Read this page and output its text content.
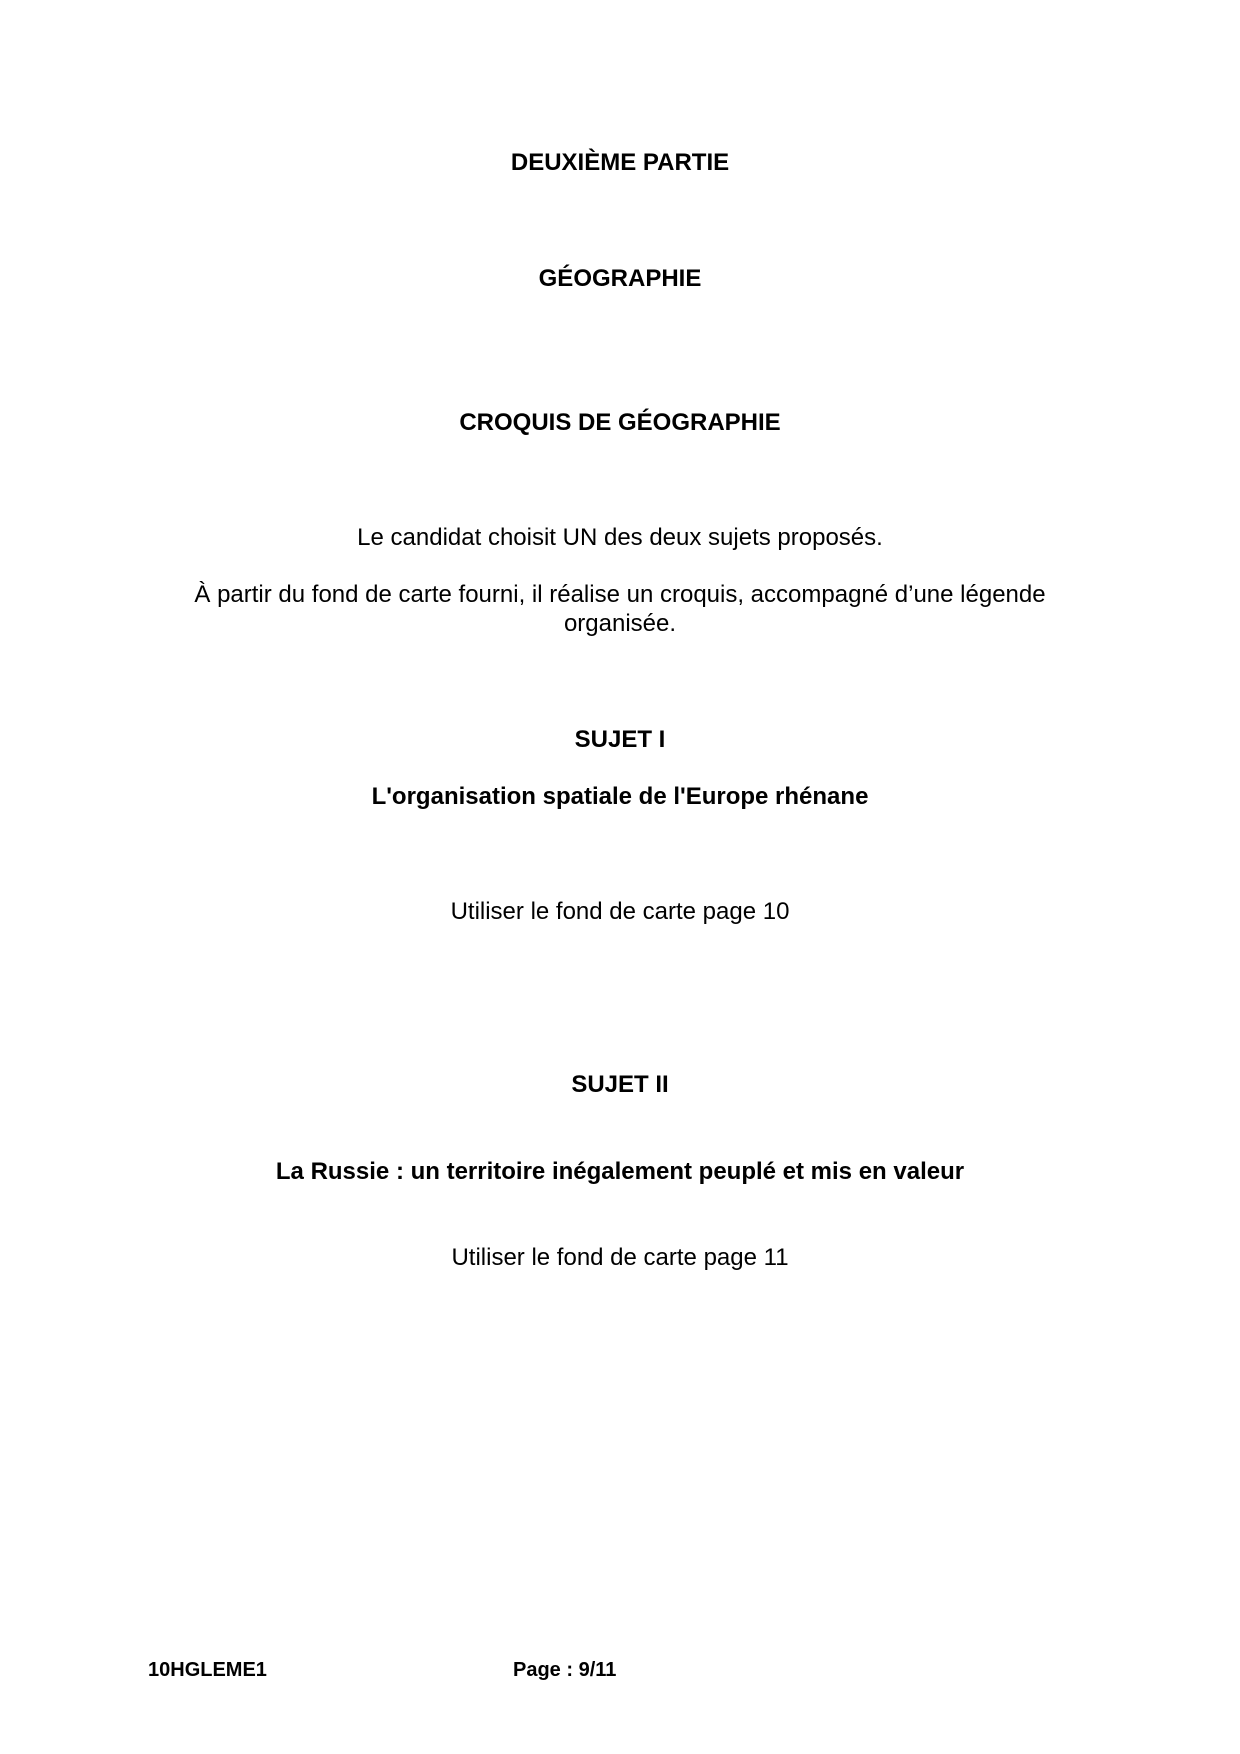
DEUXIÈME PARTIE
GÉOGRAPHIE
CROQUIS DE GÉOGRAPHIE
Le candidat choisit UN des deux sujets proposés.
À partir du fond de carte fourni, il réalise un croquis, accompagné d’une légende
organisée.
SUJET I
L'organisation spatiale de l'Europe rhénane
Utiliser le fond de carte page 10
SUJET II
La Russie : un territoire inégalement peuplé et mis en valeur
Utiliser le fond de carte page 11
10HGLEME1	Page : 9/11
